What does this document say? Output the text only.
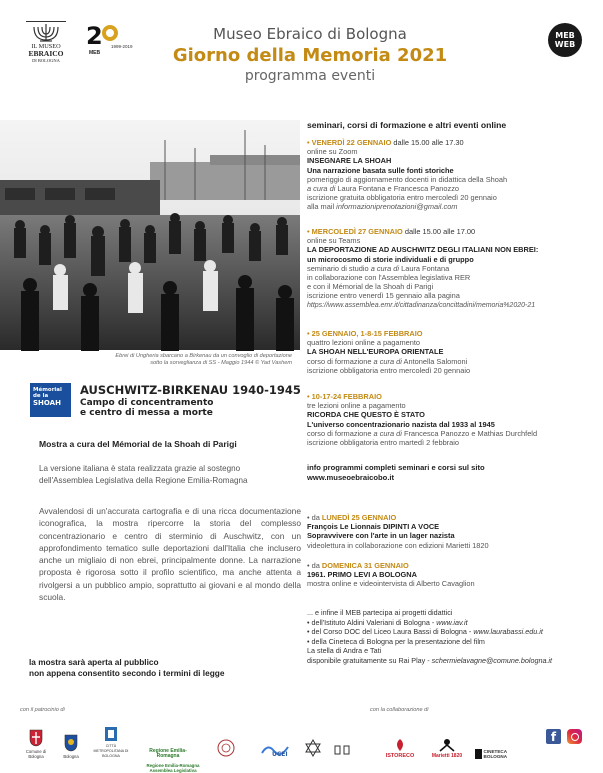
IL MUSEO
EBRAICO
DI BOLOGNA
2 1999-2019
MEB
Museo Ebraico di Bologna
Giorno della Memoria 2021
programma eventi
MEB
WEB
Ebrei di Ungheria sbarcano a Birkenau da un convoglio di deportazione
sotto la sorveglianza di SS - Maggio 1944 © Yad Vashem
Mémorial
de la
SHOAH
AUSCHWITZ-BIRKENAU 1940-1945
Campo di concentramento
e centro di messa a morte
Mostra a cura del Mémorial de la Shoah di Parigi
La versione italiana è stata realizzata grazie al sostegno
dell'Assemblea Legislativa della Regione Emilia-Romagna
Avvalendosi di un'accurata cartografia e di una ricca documentazione iconografica, la mostra ripercorre la storia del complesso concentrazionario e centro di sterminio di Auschwitz, con un approfondimento tematico sulle deportazioni dall'Italia che inclusero anche un migliaio di non ebrei, principalmente donne. La narrazione proposta è rigorosa sotto il profilo scientifico, ma anche attenta a rivolgersi a un pubblico ampio, soprattutto ai giovani e al mondo della scuola.
la mostra sarà aperta al pubblico
non appena consentito secondo i termini di legge
seminari, corsi di formazione e altri eventi online
• VENERDÌ 22 GENNAIO dalle 15.00 alle 17.30
online su Zoom
INSEGNARE LA SHOAH
Una narrazione basata sulle fonti storiche
pomeriggio di aggiornamento docenti in didattica della Shoah
a cura di Laura Fontana e Francesca Panozzo
iscrizione gratuita obbligatoria entro mercoledì 20 gennaio
alla mail informazioniprenotazioni@gmail.com
• MERCOLEDÌ 27 GENNAIO dalle 15.00 alle 17.00
online su Teams
LA DEPORTAZIONE AD AUSCHWITZ DEGLI ITALIANI NON EBREI:
un microcosmo di storie individuali e di gruppo
seminario di studio a cura di Laura Fontana
in collaborazione con l'Assemblea legislativa RER
e con il Mémorial de la Shoah di Parigi
iscrizione entro venerdì 15 gennaio alla pagina
https://www.assemblea.emr.it/cittadinanza/concittadini/memoria%2020-21
• 25 GENNAIO, 1-8-15 FEBBRAIO
quattro lezioni online a pagamento
LA SHOAH NELL'EUROPA ORIENTALE
corso di formazione a cura di Antonella Salomoni
iscrizione obbligatoria entro mercoledì 20 gennaio
• 10-17-24 FEBBRAIO
tre lezioni online a pagamento
RICORDA CHE QUESTO È STATO
L'universo concentrazionario nazista dal 1933 al 1945
corso di formazione a cura di Francesca Panozzo e Mathias Durchfeld
iscrizione obbligatoria entro martedì 2 febbraio
info programmi completi seminari e corsi sul sito
www.museoebraicobo.it
• da LUNEDÌ 25 GENNAIO
François Le Lionnais DIPINTI A VOCE
Sopravvivere con l'arte in un lager nazista
videolettura in collaborazione con edizioni Marietti 1820
• da DOMENICA 31 GENNAIO
1961. PRIMO LEVI A BOLOGNA
mostra online e videointervista di Alberto Cavaglion
... e infine il MEB partecipa ai progetti didattici
• dell'Istituto Aldini Valeriani di Bologna - www.iav.it
• del Corso DOC del Liceo Laura Bassi di Bologna - www.laurabassi.edu.it
• della Cineteca di Bologna per la presentazione del film
La stella di Andra e Tati
disponibile gratuitamente su Rai Play - schermielavagne@comune.bologna.it
con il patrocinio di	con la collaborazione di
Comune di Bologna	Bologna
CITTÀ METROPOLITANA DI BOLOGNA
Regione Emilia-Romagna
Regione Emilia-Romagna Assemblea Legislativa
UCEI	ISTORECO	Marietti 1820
CINETECA BOLOGNA
f
